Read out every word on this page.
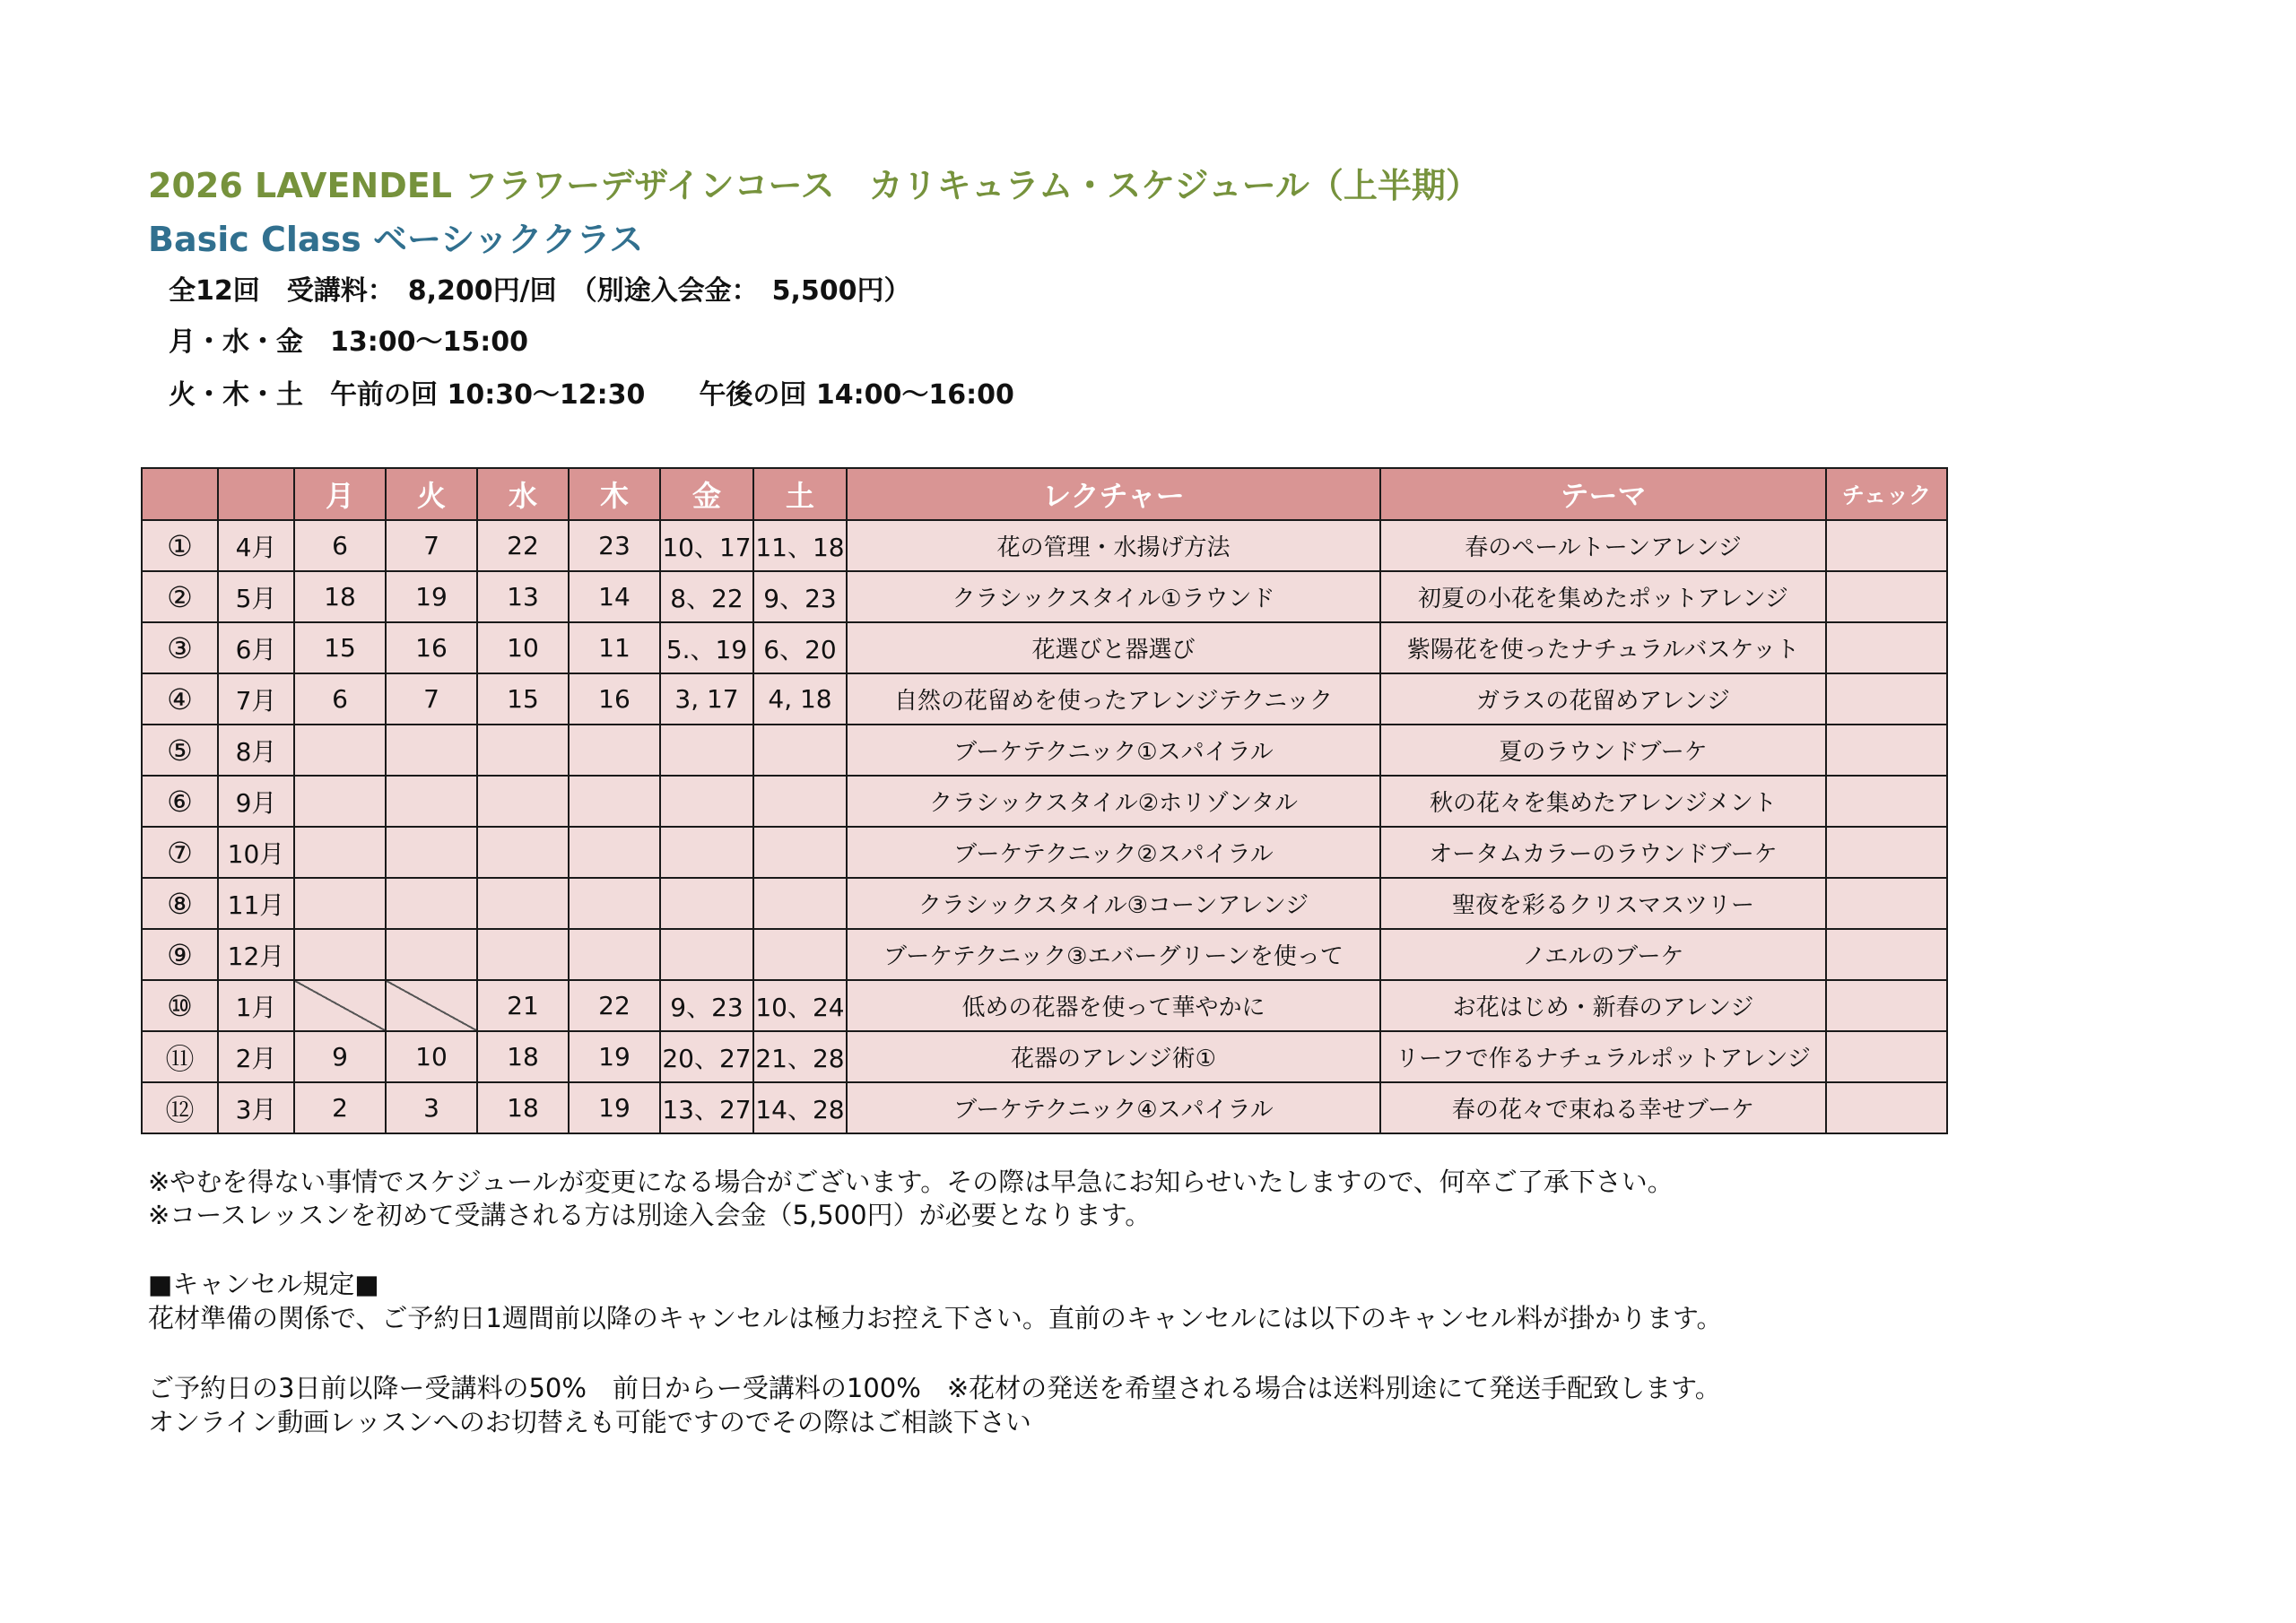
2026 LAVENDEL フラワーデザインコース　カリキュラム・スケジュール（上半期）
Basic Class ベーシッククラス
全12回　受講料：　8,200円/回　（別途入会金：　5,500円）
月・水・金　13:00～15:00
火・木・土　午前の回 10:30～12:30　　午後の回 14:00～16:00
		月	火	水	木	金	土	レクチャー	テーマ	チェック
①	4月	6	7	22	23	10、17	11、18	花の管理・水揚げ方法	春のペールトーンアレンジ	
②	5月	18	19	13	14	8、22	9、23	クラシックスタイル①ラウンド	初夏の小花を集めたポットアレンジ	
③	6月	15	16	10	11	5.、19	6、20	花選びと器選び	紫陽花を使ったナチュラルバスケット	
④	7月	6	7	15	16	3, 17	4, 18	自然の花留めを使ったアレンジテクニック	ガラスの花留めアレンジ	
⑤	8月							ブーケテクニック①スパイラル	夏のラウンドブーケ	
⑥	9月							クラシックスタイル②ホリゾンタル	秋の花々を集めたアレンジメント	
⑦	10月							ブーケテクニック②スパイラル	オータムカラーのラウンドブーケ	
⑧	11月							クラシックスタイル③コーンアレンジ	聖夜を彩るクリスマスツリー	
⑨	12月							ブーケテクニック③エバーグリーンを使って	ノエルのブーケ	
⑩	1月			21	22	9、23	10、24	低めの花器を使って華やかに	お花はじめ・新春のアレンジ	
⑪	2月	9	10	18	19	20、27	21、28	花器のアレンジ術①	リーフで作るナチュラルポットアレンジ	
⑫	3月	2	3	18	19	13、27	14、28	ブーケテクニック④スパイラル	春の花々で束ねる幸せブーケ	
※やむを得ない事情でスケジュールが変更になる場合がございます。その際は早急にお知らせいたしますので、何卒ご了承下さい。
※コースレッスンを初めて受講される方は別途入会金（5,500円）が必要となります。
■キャンセル規定■
花材準備の関係で、ご予約日1週間前以降のキャンセルは極力お控え下さい。直前のキャンセルには以下のキャンセル料が掛かります。
ご予約日の3日前以降ー受講料の50%　前日からー受講料の100%　※花材の発送を希望される場合は送料別途にて発送手配致します。
オンライン動画レッスンへのお切替えも可能ですのでその際はご相談下さい
